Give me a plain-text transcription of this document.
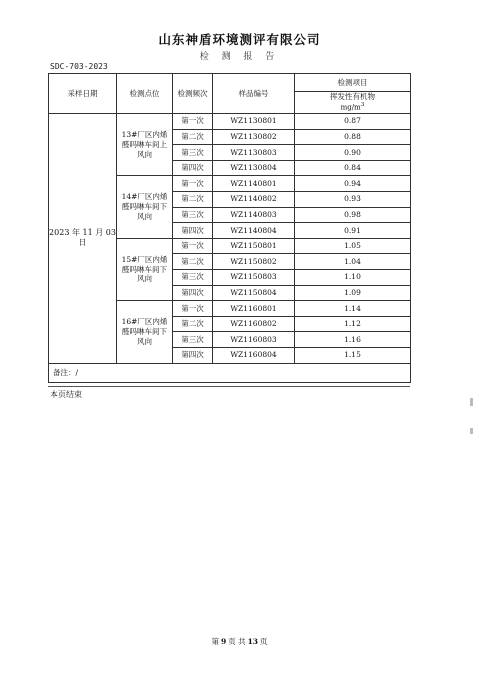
山东神盾环境测评有限公司
检 测 报 告
SDC-703-2023
采样日期	检测点位	检测频次	样品编号	检测项目

				挥发性有机物
$mg/m^3$

2023 年 11 月 03 日	13#厂区内烯醛吗啉车间上风向	第一次	WZ1130801	0.87
		第二次	WZ1130802	0.88
		第三次	WZ1130803	0.90
		第四次	WZ1130804	0.84
	14#厂区内烯醛吗啉车间下风向	第一次	WZ1140801	0.94
		第二次	WZ1140802	0.93
		第三次	WZ1140803	0.98
		第四次	WZ1140804	0.91
	15#厂区内烯醛吗啉车间下风向	第一次	WZ1150801	1.05
		第二次	WZ1150802	1.04
		第三次	WZ1150803	1.10
		第四次	WZ1150804	1.09
	16#厂区内烯醛吗啉车间下风向	第一次	WZ1160801	1.14
		第二次	WZ1160802	1.12
		第三次	WZ1160803	1.16
		第四次	WZ1160804	1.15
备注：/				
本页结束
第 9 页 共 13 页
